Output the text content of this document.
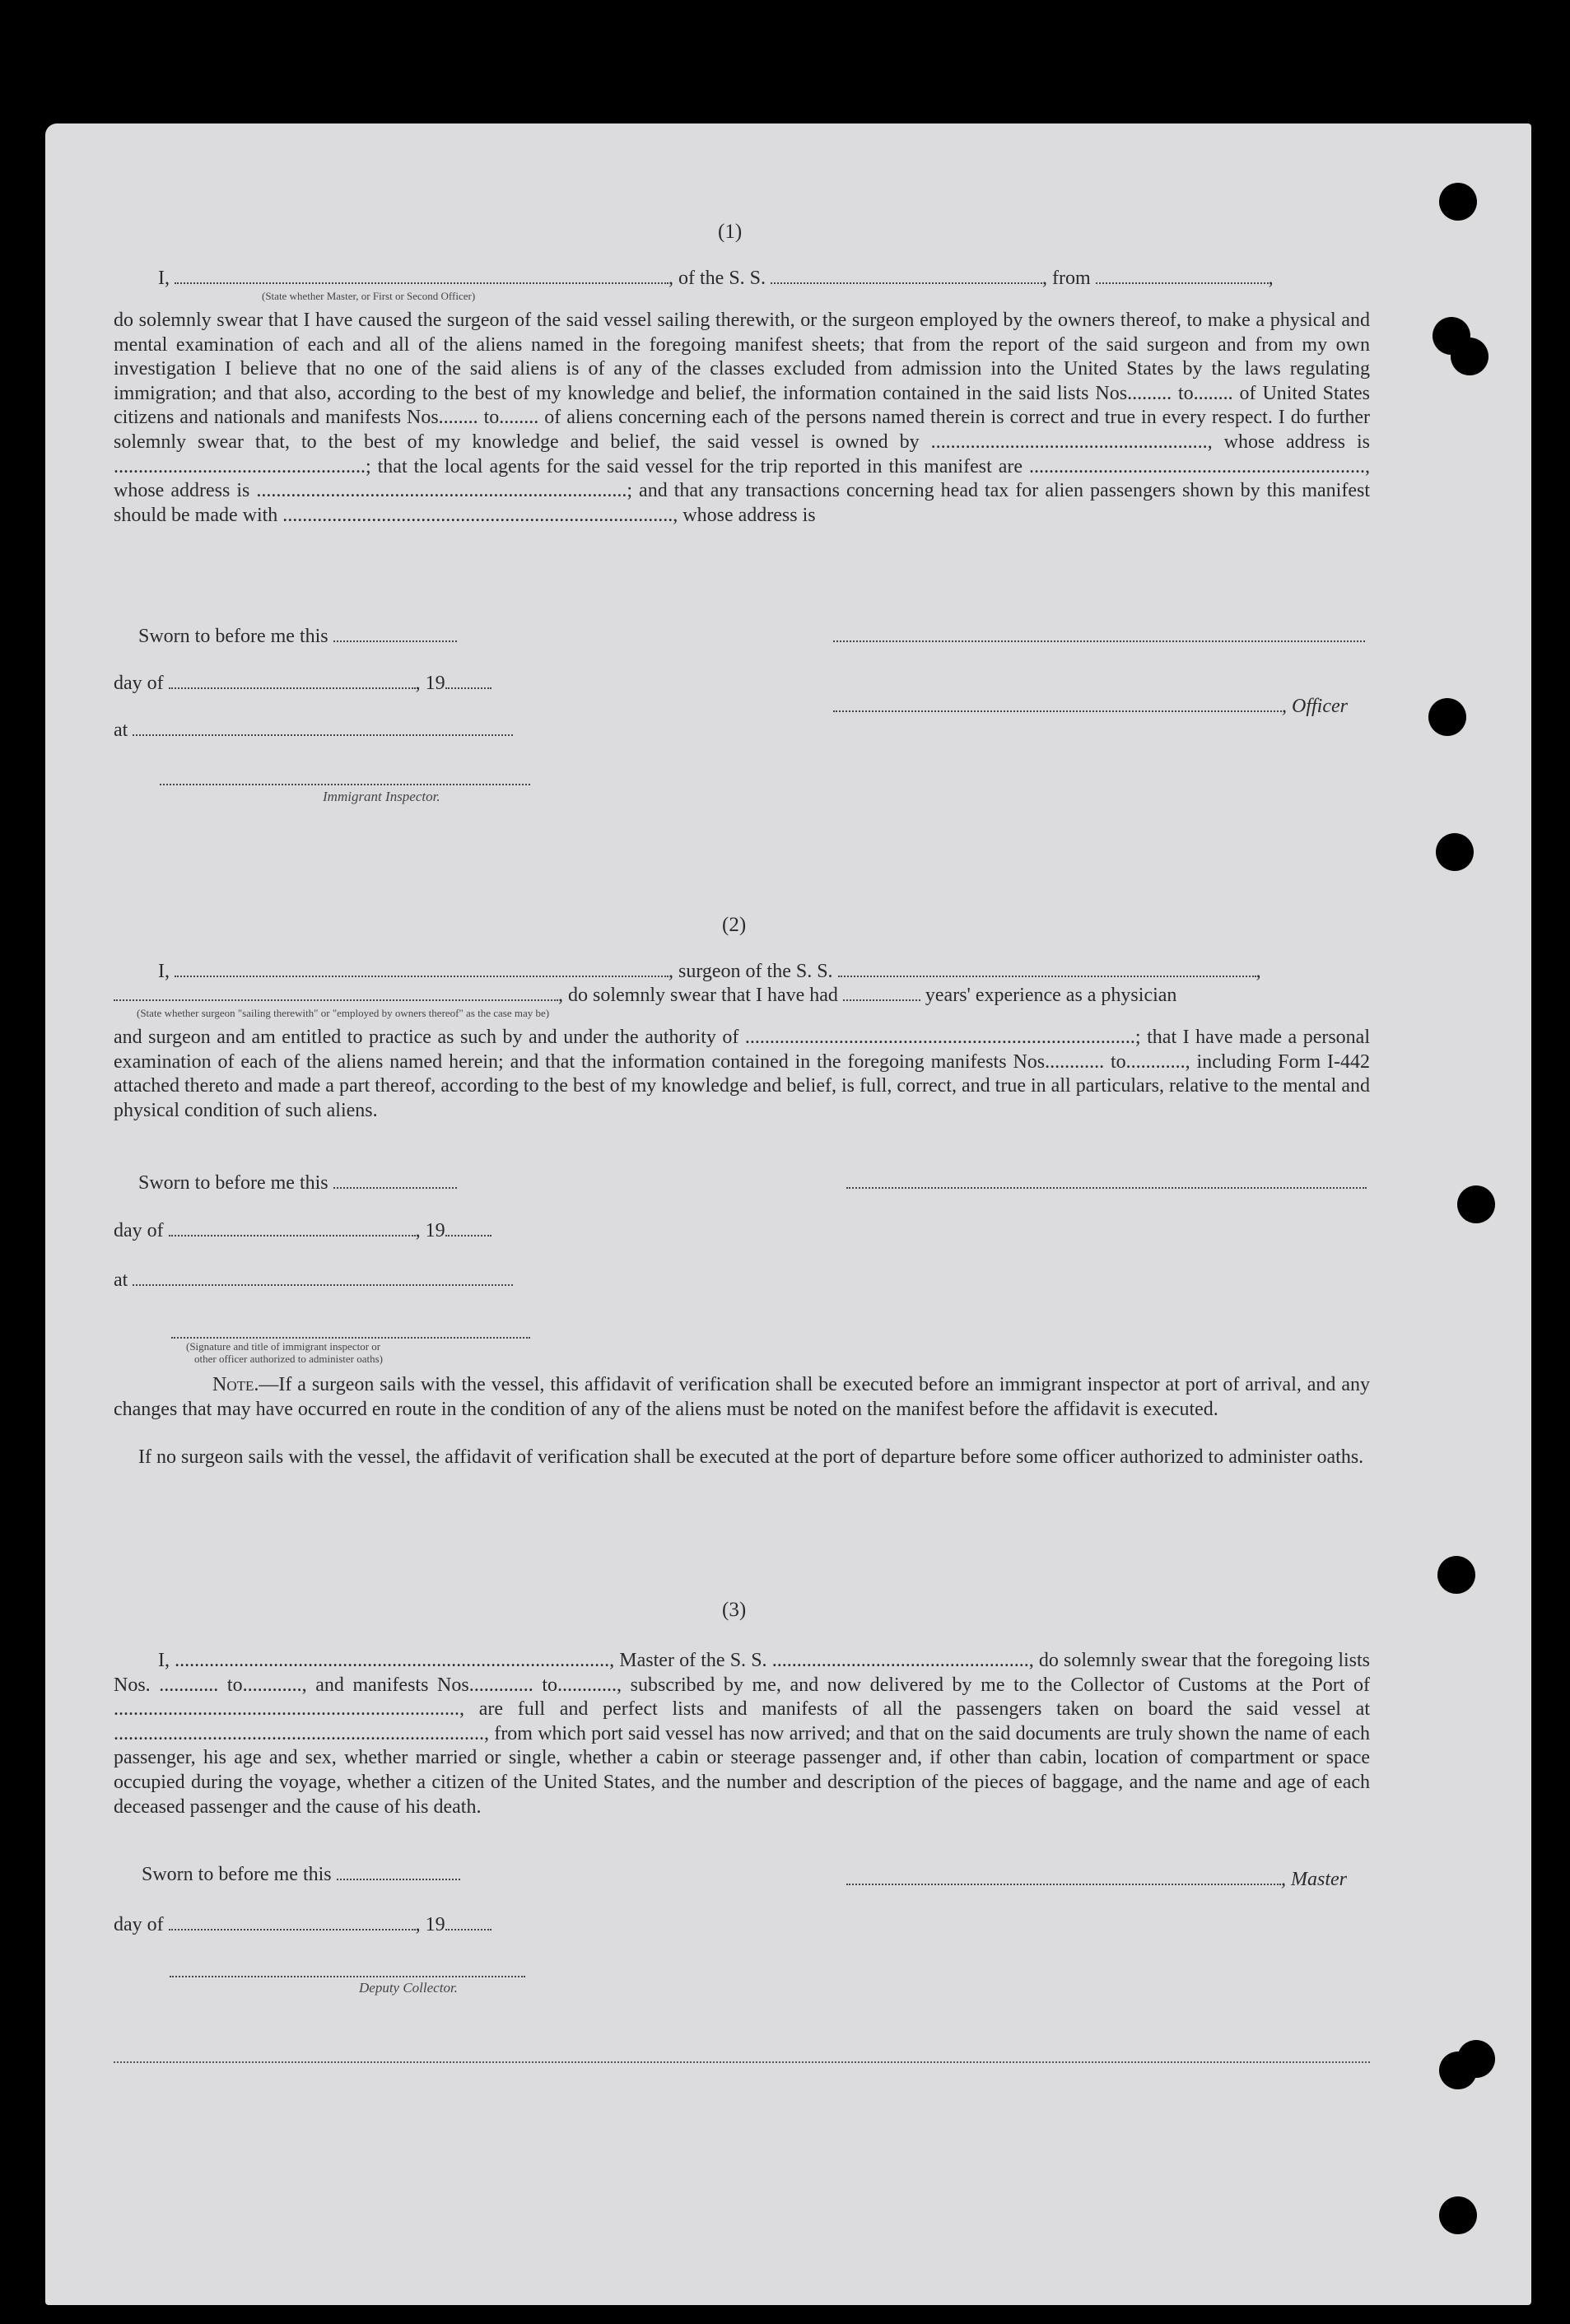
(1)
I,	, of the S. S.	, from	,
(State whether Master, or First or Second Officer)

do solemnly swear that I have caused the surgeon of the said vessel sailing therewith, or the surgeon employed by the owners thereof, to make a physical and mental examination of each and all of the aliens named in the foregoing manifest sheets; that from the report of the said surgeon and from my own investigation I believe that no one of the said aliens is of any of the classes excluded from admission into the United States by the laws regulating immigration; and that also, according to the best of my knowledge and belief, the information contained in the said lists Nos......... to........ of United States citizens and nationals and manifests Nos........ to........ of aliens concerning each of the persons named therein is correct and true in every respect. I do further solemnly swear that, to the best of my knowledge and belief, the said vessel is owned by ........................................................, whose address is ...................................................; that the local agents for the said vessel for the trip reported in this manifest are ...................................................................., whose address is ...........................................................................; and that any transactions concerning head tax for alien passengers shown by this manifest should be made with ..............................................................................., whose address is

Sworn to before me this
day of	, 19
, Officer
at
Immigrant Inspector.
(2)
I,	, surgeon of the S. S.	,
, do solemnly swear that I have had	years' experience as a physician
(State whether surgeon "sailing therewith" or "employed by owners thereof" as the case may be)

and surgeon and am entitled to practice as such by and under the authority of ...............................................................................; that I have made a personal examination of each of the aliens named herein; and that the information contained in the foregoing manifests Nos............ to............, including Form I-442 attached thereto and made a part thereof, according to the best of my knowledge and belief, is full, correct, and true in all particulars, relative to the mental and physical condition of such aliens.

Sworn to before me this
day of	, 19
at
(Signature and title of immigrant inspector or
other officer authorized to administer oaths)

Note.—If a surgeon sails with the vessel, this affidavit of verification shall be executed before an immigrant inspector at port of arrival, and any changes that may have occurred en route in the condition of any of the aliens must be noted on the manifest before the affidavit is executed.

If no surgeon sails with the vessel, the affidavit of verification shall be executed at the port of departure before some officer authorized to administer oaths.

(3)

I, ........................................................................................, Master of the S. S. ...................................................., do solemnly swear that the foregoing lists Nos. ............ to............, and manifests Nos............. to............, subscribed by me, and now delivered by me to the Collector of Customs at the Port of ......................................................................, are full and perfect lists and manifests of all the passengers taken on board the said vessel at ..........................................................................., from which port said vessel has now arrived; and that on the said documents are truly shown the name of each passenger, his age and sex, whether married or single, whether a cabin or steerage passenger and, if other than cabin, location of compartment or space occupied during the voyage, whether a citizen of the United States, and the number and description of the pieces of baggage, and the name and age of each deceased passenger and the cause of his death.

Sworn to before me this	, Master
day of	, 19
Deputy Collector.
